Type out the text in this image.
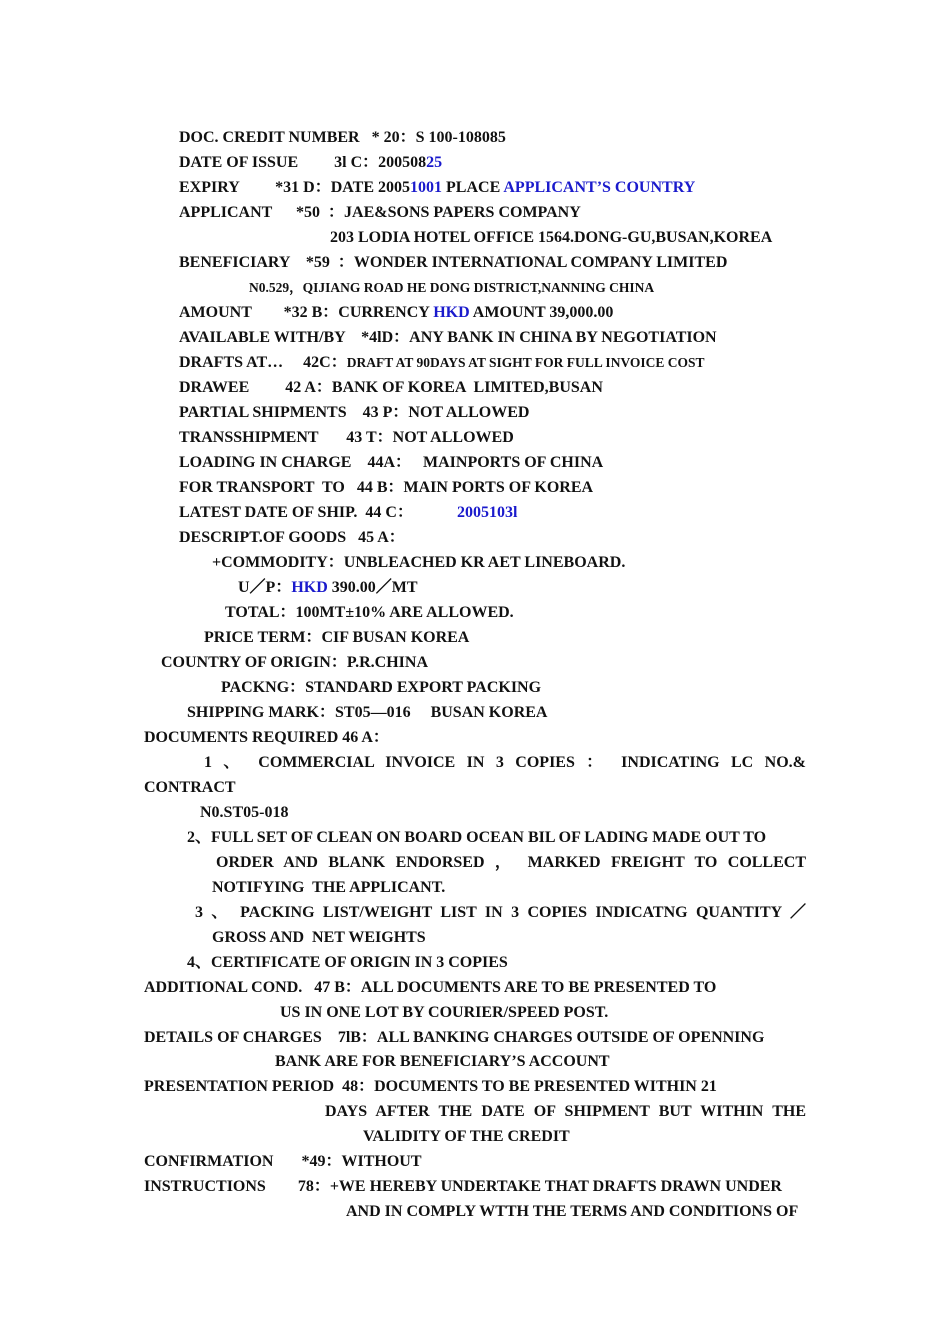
DOC. CREDIT NUMBER   * 20：S 100-108085
DATE OF ISSUE         3l C：20050825
EXPIRY         *31 D：DATE 20051001 PLACE APPLICANT’S COUNTRY
APPLICANT      *50  ：JAE&SONS PAPERS COMPANY
203 LODIA HOTEL OFFICE 1564.DONG-GU,BUSAN,KOREA
BENEFICIARY    *59  ：WONDER INTERNATIONAL COMPANY LIMITED
N0.529，QIJIANG ROAD HE DONG DISTRICT,NANNING CHINA
AMOUNT        *32 B：CURRENCY HKD AMOUNT 39,000.00
AVAILABLE WITH/BY    *4lD：ANY BANK IN CHINA BY NEGOTIATION
DRAFTS AT…     42C：DRAFT AT 90DAYS AT SIGHT FOR FULL INVOICE COST
DRAWEE         42 A：BANK OF KOREA  LIMITED,BUSAN
PARTIAL SHIPMENTS    43 P：NOT ALLOWED
TRANSSHIPMENT       43 T：NOT ALLOWED
LOADING IN CHARGE    44A：   MAINPORTS OF CHINA
FOR TRANSPORT  TO   44 B：MAIN PORTS OF KOREA
LATEST DATE OF SHIP.  44 C：	2005103l
DESCRIPT.OF GOODS   45 A：
+COMMODITY：UNBLEACHED KR AET LINEBOARD.
U／P：HKD 390.00／MT
TOTAL：100MT±10% ARE ALLOWED.
PRICE TERM：CIF BUSAN KOREA
COUNTRY OF ORIGIN：P.R.CHINA
PACKNG：STANDARD EXPORT PACKING
SHIPPING MARK：ST05—016     BUSAN KOREA
DOCUMENTS REQUIRED 46 A：
1 、 COMMERCIAL INVOICE IN 3 COPIES ： INDICATING LC NO.&
CONTRACT
N0.ST05-018
2、FULL SET OF CLEAN ON BOARD OCEAN BIL OF LADING MADE OUT TO
ORDER AND BLANK ENDORSED ， MARKED FREIGHT TO COLLECT
NOTIFYING  THE APPLICANT.
3 、 PACKING LIST/WEIGHT LIST IN 3 COPIES INDICATNG QUANTITY ／
GROSS AND  NET WEIGHTS
4、CERTIFICATE OF ORIGIN IN 3 COPIES
ADDITIONAL COND.   47 B：ALL DOCUMENTS ARE TO BE PRESENTED TO
US IN ONE LOT BY COURIER/SPEED POST.
DETAILS OF CHARGES    7lB：ALL BANKING CHARGES OUTSIDE OF OPENNING
BANK ARE FOR BENEFICIARY’S ACCOUNT
PRESENTATION PERIOD  48：DOCUMENTS TO BE PRESENTED WITHIN 21
DAYS AFTER THE DATE OF SHIPMENT BUT WITHIN THE
VALIDITY OF THE CREDIT
CONFIRMATION       *49：WITHOUT
INSTRUCTIONS        78：+WE HEREBY UNDERTAKE THAT DRAFTS DRAWN UNDER
AND IN COMPLY WTTH THE TERMS AND CONDITIONS OF
